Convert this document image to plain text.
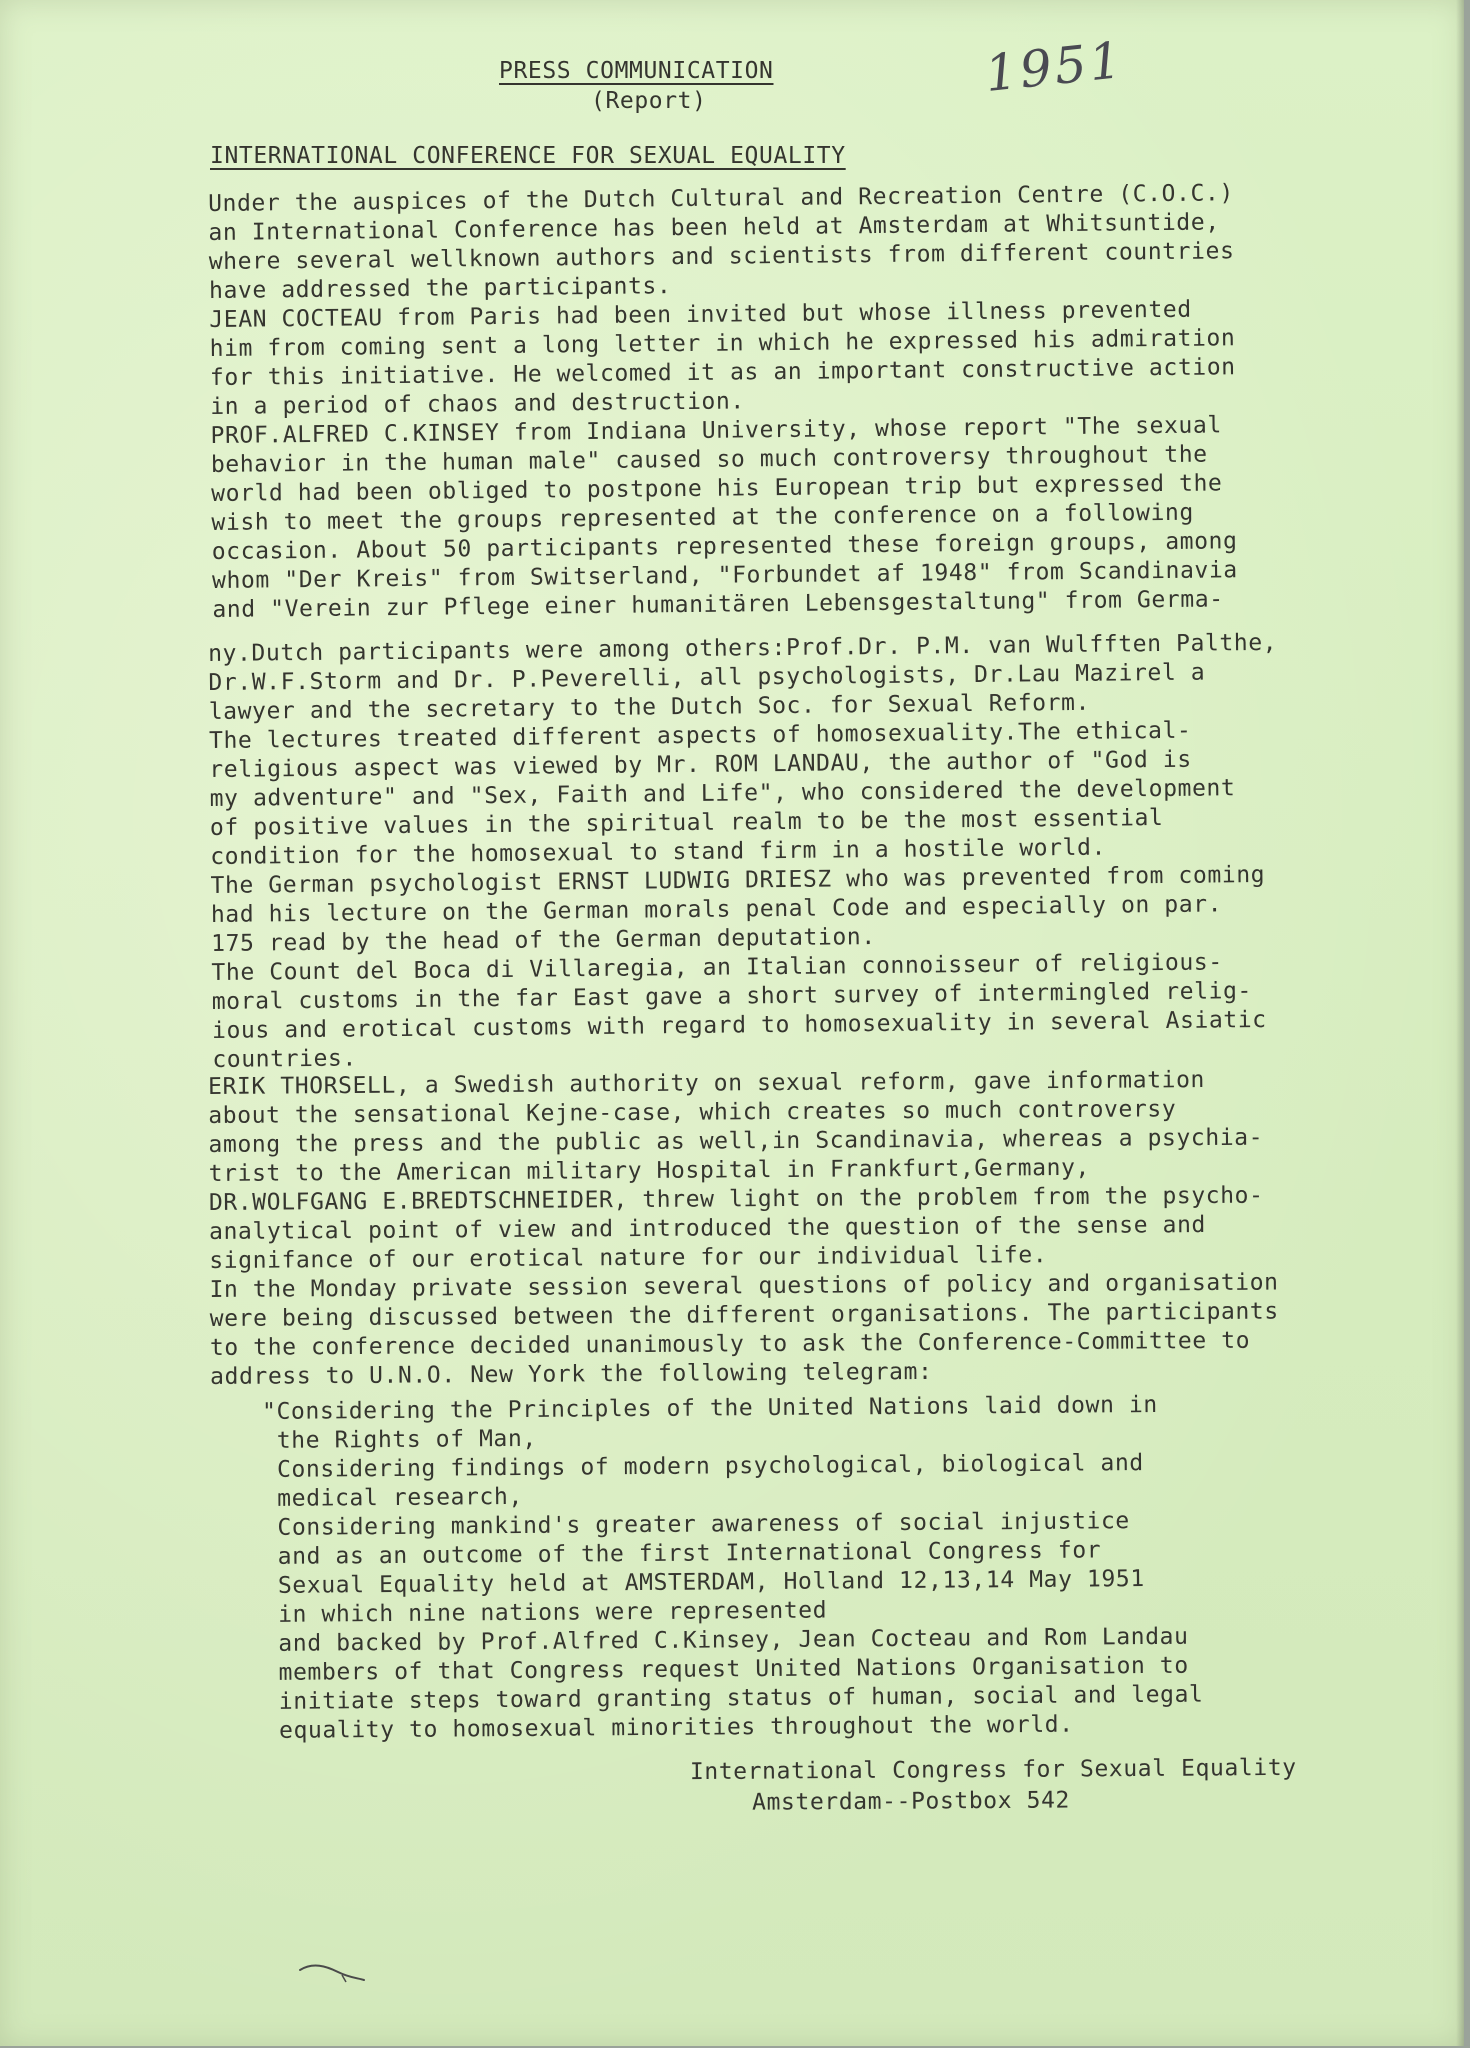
PRESS COMMUNICATION
(Report)	1951
INTERNATIONAL CONFERENCE FOR SEXUAL EQUALITY
Under the auspices of the Dutch Cultural and Recreation Centre (C.O.C.)
an International Conference has been held at Amsterdam at Whitsuntide,
where several wellknown authors and scientists from different countries
have addressed the participants.
JEAN COCTEAU from Paris had been invited but whose illness prevented
him from coming sent a long letter in which he expressed his admiration
for this initiative. He welcomed it as an important constructive action
in a period of chaos and destruction.
PROF.ALFRED C.KINSEY from Indiana University, whose report "The sexual
behavior in the human male" caused so much controversy throughout the
world had been obliged to postpone his European trip but expressed the
wish to meet the groups represented at the conference on a following
occasion. About 50 participants represented these foreign groups, among
whom "Der Kreis" from Switserland, "Forbundet af 1948" from Scandinavia
and "Verein zur Pflege einer humanitären Lebensgestaltung" from Germa-
ny.Dutch participants were among others:Prof.Dr. P.M. van Wulfften Palthe,
Dr.W.F.Storm and Dr. P.Peverelli, all psychologists, Dr.Lau Mazirel a
lawyer and the secretary to the Dutch Soc. for Sexual Reform.
The lectures treated different aspects of homosexuality.The ethical-
religious aspect was viewed by Mr. ROM LANDAU, the author of "God is
my adventure" and "Sex, Faith and Life", who considered the development
of positive values in the spiritual realm to be the most essential
condition for the homosexual to stand firm in a hostile world.
The German psychologist ERNST LUDWIG DRIESZ who was prevented from coming
had his lecture on the German morals penal Code and especially on par.
175 read by the head of the German deputation.
The Count del Boca di Villaregia, an Italian connoisseur of religious-
moral customs in the far East gave a short survey of intermingled relig-
ious and erotical customs with regard to homosexuality in several Asiatic
countries.
ERIK THORSELL, a Swedish authority on sexual reform, gave information
about the sensational Kejne-case, which creates so much controversy
among the press and the public as well,in Scandinavia, whereas a psychia-
trist to the American military Hospital in Frankfurt,Germany,
DR.WOLFGANG E.BREDTSCHNEIDER, threw light on the problem from the psycho-
analytical point of view and introduced the question of the sense and
signifance of our erotical nature for our individual life.
In the Monday private session several questions of policy and organisation
were being discussed between the different organisations. The participants
to the conference decided unanimously to ask the Conference-Committee to
address to U.N.O. New York the following telegram:
"Considering the Principles of the United Nations laid down in
the Rights of Man,
Considering findings of modern psychological, biological and
medical research,
Considering mankind's greater awareness of social injustice
and as an outcome of the first International Congress for
Sexual Equality held at AMSTERDAM, Holland 12,13,14 May 1951
in which nine nations were represented
and backed by Prof.Alfred C.Kinsey, Jean Cocteau and Rom Landau
members of that Congress request United Nations Organisation to
initiate steps toward granting status of human, social and legal
equality to homosexual minorities throughout the world.
International Congress for Sexual Equality
Amsterdam--Postbox 542
